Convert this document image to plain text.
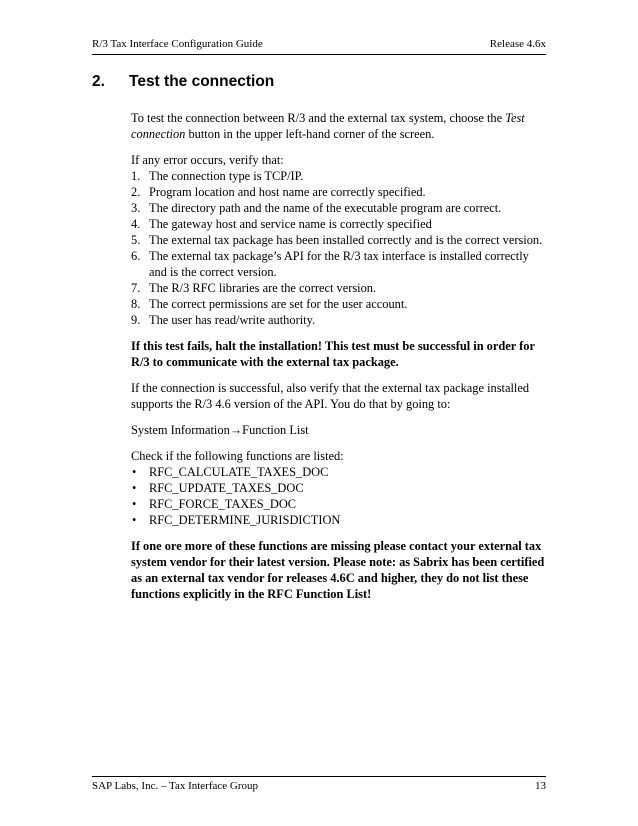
R/3 Tax Interface Configuration Guide	Release 4.6x
2. Test the connection

To test the connection between R/3 and the external tax system, choose the Test connection button in the upper left-hand corner of the screen.

If any error occurs, verify that:

1. The connection type is TCP/IP.
2. Program location and host name are correctly specified.
3. The directory path and the name of the executable program are correct.
4. The gateway host and service name is correctly specified
5. The external tax package has been installed correctly and is the correct version.
6. The external tax package’s API for the R/3 tax interface is installed correctly and is the correct version.
7. The R/3 RFC libraries are the correct version.
8. The correct permissions are set for the user account.
9. The user has read/write authority.

If this test fails, halt the installation! This test must be successful in order for R/3 to communicate with the external tax package.

If the connection is successful, also verify that the external tax package installed supports the R/3 4.6 version of the API. You do that by going to:

System Information→Function List

Check if the following functions are listed:

• RFC_CALCULATE_TAXES_DOC
• RFC_UPDATE_TAXES_DOC
• RFC_FORCE_TAXES_DOC
• RFC_DETERMINE_JURISDICTION

If one ore more of these functions are missing please contact your external tax system vendor for their latest version. Please note: as Sabrix has been certified as an external tax vendor for releases 4.6C and higher, they do not list these functions explicitly in the RFC Function List!

SAP Labs, Inc. – Tax Interface Group	13
